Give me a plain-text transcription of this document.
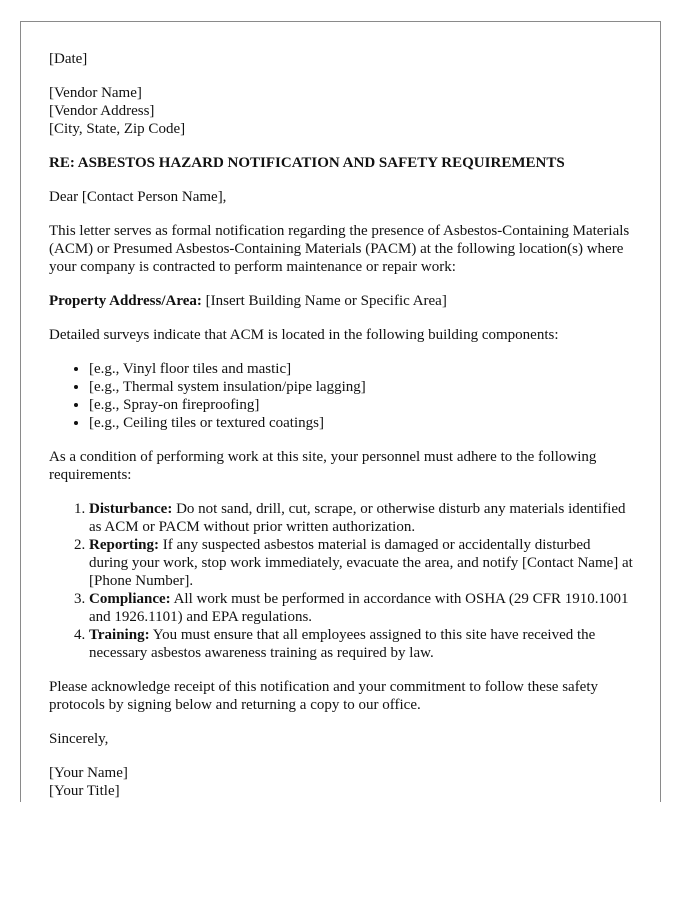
[Date]

[Vendor Name]
[Vendor Address]
[City, State, Zip Code]

RE: ASBESTOS HAZARD NOTIFICATION AND SAFETY REQUIREMENTS

Dear [Contact Person Name],

This letter serves as formal notification regarding the presence of Asbestos-Containing Materials (ACM) or Presumed Asbestos-Containing Materials (PACM) at the following location(s) where your company is contracted to perform maintenance or repair work:

Property Address/Area: [Insert Building Name or Specific Area]

Detailed surveys indicate that ACM is located in the following building components:

• [e.g., Vinyl floor tiles and mastic]
• [e.g., Thermal system insulation/pipe lagging]
• [e.g., Spray-on fireproofing]
• [e.g., Ceiling tiles or textured coatings]

As a condition of performing work at this site, your personnel must adhere to the following requirements:

1. Disturbance: Do not sand, drill, cut, scrape, or otherwise disturb any materials identified as ACM or PACM without prior written authorization.
2. Reporting: If any suspected asbestos material is damaged or accidentally disturbed during your work, stop work immediately, evacuate the area, and notify [Contact Name] at [Phone Number].
3. Compliance: All work must be performed in accordance with OSHA (29 CFR 1910.1001 and 1926.1101) and EPA regulations.
4. Training: You must ensure that all employees assigned to this site have received the necessary asbestos awareness training as required by law.

Please acknowledge receipt of this notification and your commitment to follow these safety protocols by signing below and returning a copy to our office.

Sincerely,

[Your Name]
[Your Title]
